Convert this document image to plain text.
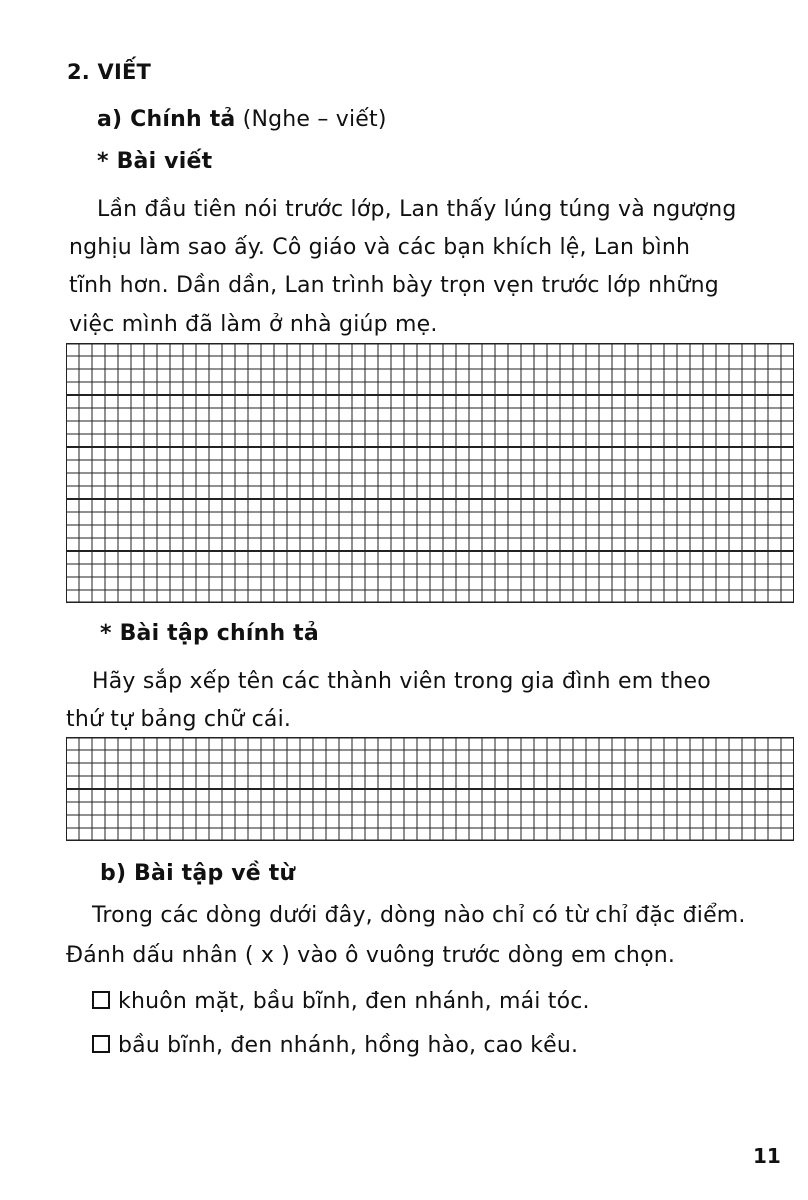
2. VIẾT
a) Chính tả (Nghe – viết)
* Bài viết
Lần đầu tiên nói trước lớp, Lan thấy lúng túng và ngượng
nghịu làm sao ấy. Cô giáo và các bạn khích lệ, Lan bình
tĩnh hơn. Dần dần, Lan trình bày trọn vẹn trước lớp những
việc mình đã làm ở nhà giúp mẹ.
* Bài tập chính tả
Hãy sắp xếp tên các thành viên trong gia đình em theo
thứ tự bảng chữ cái.
b) Bài tập về từ
Trong các dòng dưới đây, dòng nào chỉ có từ chỉ đặc điểm.
Đánh dấu nhân ( x ) vào ô vuông trước dòng em chọn.
khuôn mặt, bầu bĩnh, đen nhánh, mái tóc.
bầu bĩnh, đen nhánh, hồng hào, cao kều.
11
